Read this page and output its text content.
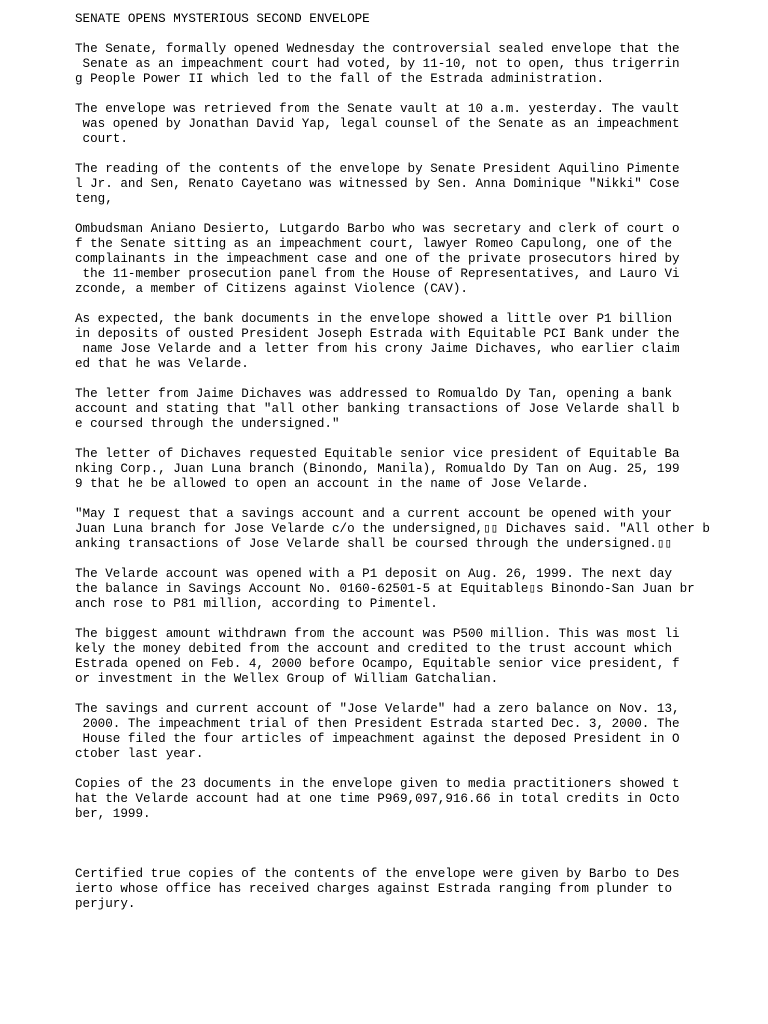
SENATE OPENS MYSTERIOUS SECOND ENVELOPE
The Senate, formally opened Wednesday the controversial sealed envelope that the
Senate as an impeachment court had voted, by 11-10, not to open, thus trigerrin
g People Power II which led to the fall of the Estrada administration.
The envelope was retrieved from the Senate vault at 10 a.m. yesterday. The vault
was opened by Jonathan David Yap, legal counsel of the Senate as an impeachment
court.
The reading of the contents of the envelope by Senate President Aquilino Pimente
l Jr. and Sen, Renato Cayetano was witnessed by Sen. Anna Dominique "Nikki" Cose
teng,
Ombudsman Aniano Desierto, Lutgardo Barbo who was secretary and clerk of court o
f the Senate sitting as an impeachment court, lawyer Romeo Capulong, one of the
complainants in the impeachment case and one of the private prosecutors hired by
the 11-member prosecution panel from the House of Representatives, and Lauro Vi
zconde, a member of Citizens against Violence (CAV).
As expected, the bank documents in the envelope showed a little over P1 billion
in deposits of ousted President Joseph Estrada with Equitable PCI Bank under the
name Jose Velarde and a letter from his crony Jaime Dichaves, who earlier claim
ed that he was Velarde.
The letter from Jaime Dichaves was addressed to Romualdo Dy Tan, opening a bank
account and stating that "all other banking transactions of Jose Velarde shall b
e coursed through the undersigned."
The letter of Dichaves requested Equitable senior vice president of Equitable Ba
nking Corp., Juan Luna branch (Binondo, Manila), Romualdo Dy Tan on Aug. 25, 199
9 that he be allowed to open an account in the name of Jose Velarde.
"May I request that a savings account and a current account be opened with your
Juan Luna branch for Jose Velarde c/o the undersigned,▯▯ Dichaves said. "All other b
anking transactions of Jose Velarde shall be coursed through the undersigned.▯▯
The Velarde account was opened with a P1 deposit on Aug. 26, 1999. The next day
the balance in Savings Account No. 0160-62501-5 at Equitable▯s Binondo-San Juan br
anch rose to P81 million, according to Pimentel.
The biggest amount withdrawn from the account was P500 million. This was most li
kely the money debited from the account and credited to the trust account which
Estrada opened on Feb. 4, 2000 before Ocampo, Equitable senior vice president, f
or investment in the Wellex Group of William Gatchalian.
The savings and current account of "Jose Velarde" had a zero balance on Nov. 13,
2000. The impeachment trial of then President Estrada started Dec. 3, 2000. The
House filed the four articles of impeachment against the deposed President in O
ctober last year.
Copies of the 23 documents in the envelope given to media practitioners showed t
hat the Velarde account had at one time P969,097,916.66 in total credits in Octo
ber, 1999.
Certified true copies of the contents of the envelope were given by Barbo to Des
ierto whose office has received charges against Estrada ranging from plunder to
perjury.
